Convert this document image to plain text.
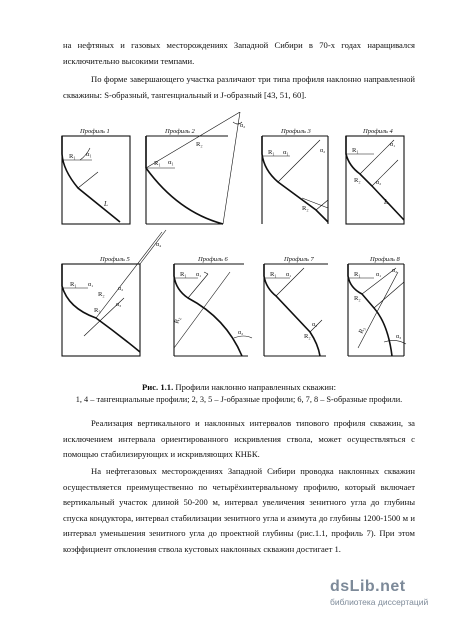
на нефтяных и газовых месторождениях Западной Сибири в 70-х годах наращивался исключительно высокими темпами.

По форме завершающего участка различают три типа профиля наклонно направленной скважины: S-образный, тангенциальный и J-образный [43, 51, 60].

Профиль 1
R₁ α₁
L
Профиль 2
R₁ α₁
R₂
α₂
Профиль 3
R₁ α₁
R₂
α₂
Профиль 4
R₁
α₁
R₂	α₂
L
Профиль 5
R₁ α₁
R₂
α₂
R₃
α₃
α₄
Профиль 6
R₁ α₁
R₂
α₂
Профиль 7
R₁ α₁
R₂
α₂
Профиль 8
R₁	α₁
R₂
α₂
R₃
α₃
Рис. 1.1. Профили наклонно направленных скважин:
1, 4 – тангенциальные профили; 2, 3, 5 – J-образные профили; 6, 7, 8 – S-образные профили.

Реализация вертикального и наклонных интервалов типового профиля скважин, за исключением интервала ориентированного искривления ствола, может осуществляться с помощью стабилизирующих и искривляющих КНБК.

На нефтегазовых месторождениях Западной Сибири проводка наклонных скважин осуществляется преимущественно по четырёхинтервальному профилю, который включает вертикальный участок длиной 50-200 м, интервал увеличения зенитного угла до глубины спуска кондуктора, интервал стабилизации зенитного угла и азимута до глубины 1200-1500 м и интервал уменьшения зенитного угла до проектной глубины (рис.1.1, профиль 7). При этом коэффициент отклонения ствола кустовых наклонных скважин достигает 1.

dsLib.net
библиотека диссертаций
